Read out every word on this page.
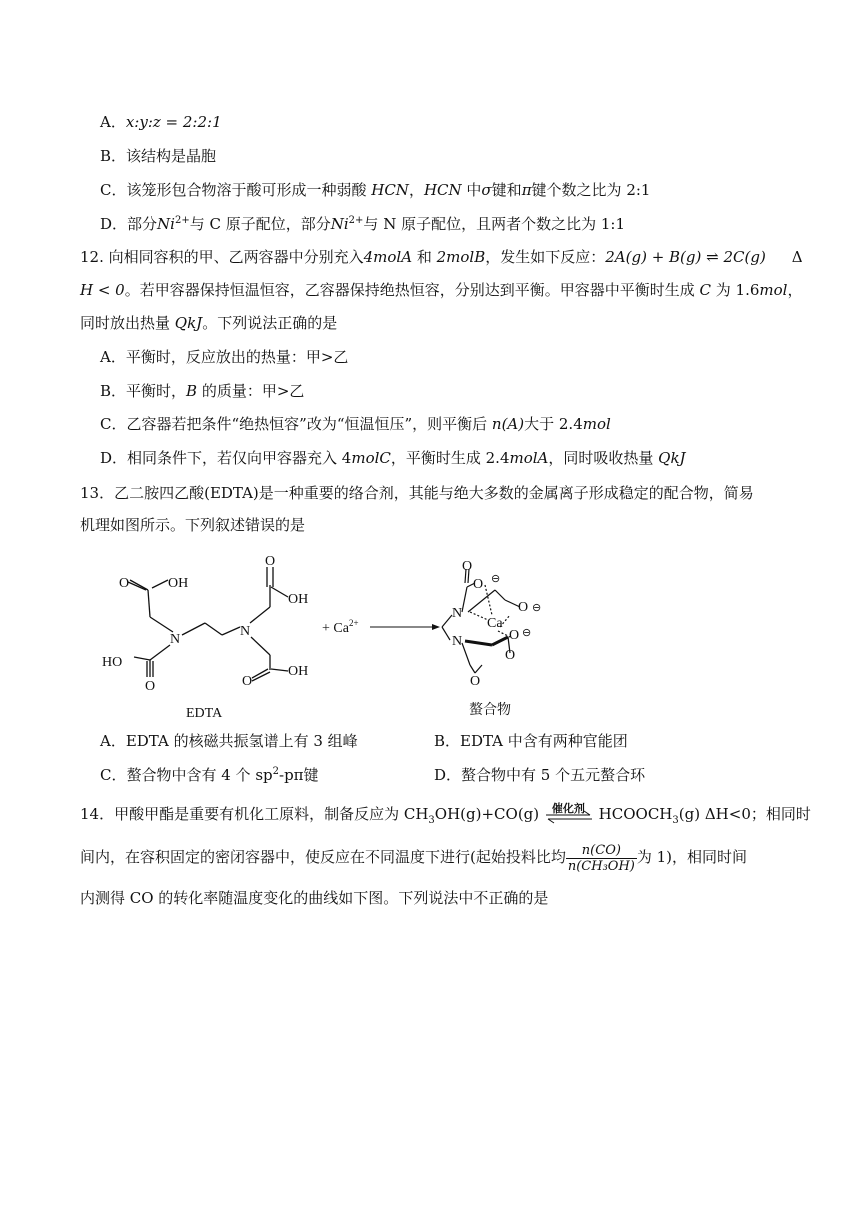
A．x:y:z = 2:2:1
B．该结构是晶胞
C．该笼形包合物溶于酸可形成一种弱酸 HCN，HCN 中σ键和π键个数之比为 2:1
D．部分$Ni^{2+}$与 C 原子配位，部分$Ni^{2+}$与 N 原子配位，且两者个数之比为 1:1
12. 向相同容积的甲、乙两容器中分别充入4molA 和 2molB，发生如下反应：2A(g) + B(g) ⇌ 2C(g) Δ
H < 0。若甲容器保持恒温恒容，乙容器保持绝热恒容，分别达到平衡。甲容器中平衡时生成 C 为 1.6mol，
同时放出热量 QkJ。下列说法正确的是
A．平衡时，反应放出的热量：甲>乙
B．平衡时，B 的质量：甲>乙
C．乙容器若把条件“绝热恒容”改为“恒温恒压”，则平衡后 n(A)大于 2.4mol
D．相同条件下，若仅向甲容器充入 4molC，平衡时生成 2.4molA，同时吸收热量 QkJ
13．乙二胺四乙酸(EDTA)是一种重要的络合剂，其能与绝大多数的金属离子形成稳定的配合物，简易
机理如图所示。下列叙述错误的是
O	OH
N
HO
O
N
O
OH
O
OH
EDTA
+ $Ca^{2+}$
O
O ⊖
N	O ⊖
Ca
N	O ⊖
O
O
螯合物
A．EDTA 的核磁共振氢谱上有 3 组峰	B．EDTA 中含有两种官能团
C．螯合物中含有 4 个 $sp^2-p\pi$键	D．螯合物中有 5 个五元螯合环
14．甲酸甲酯是重要有机化工原料，制备反应为 $CH_3OH(g)+CO(g)$ 催化剂 $HCOOCH_3(g)$ ΔH<0；相同时
间内，在容积固定的密闭容器中，使反应在不同温度下进行(起始投料比均 $\frac{n(CO)}{\text{n(CH₃OH)}}$ 为 1)，相同时间
内测得 CO 的转化率随温度变化的曲线如下图。下列说法中不正确的是
